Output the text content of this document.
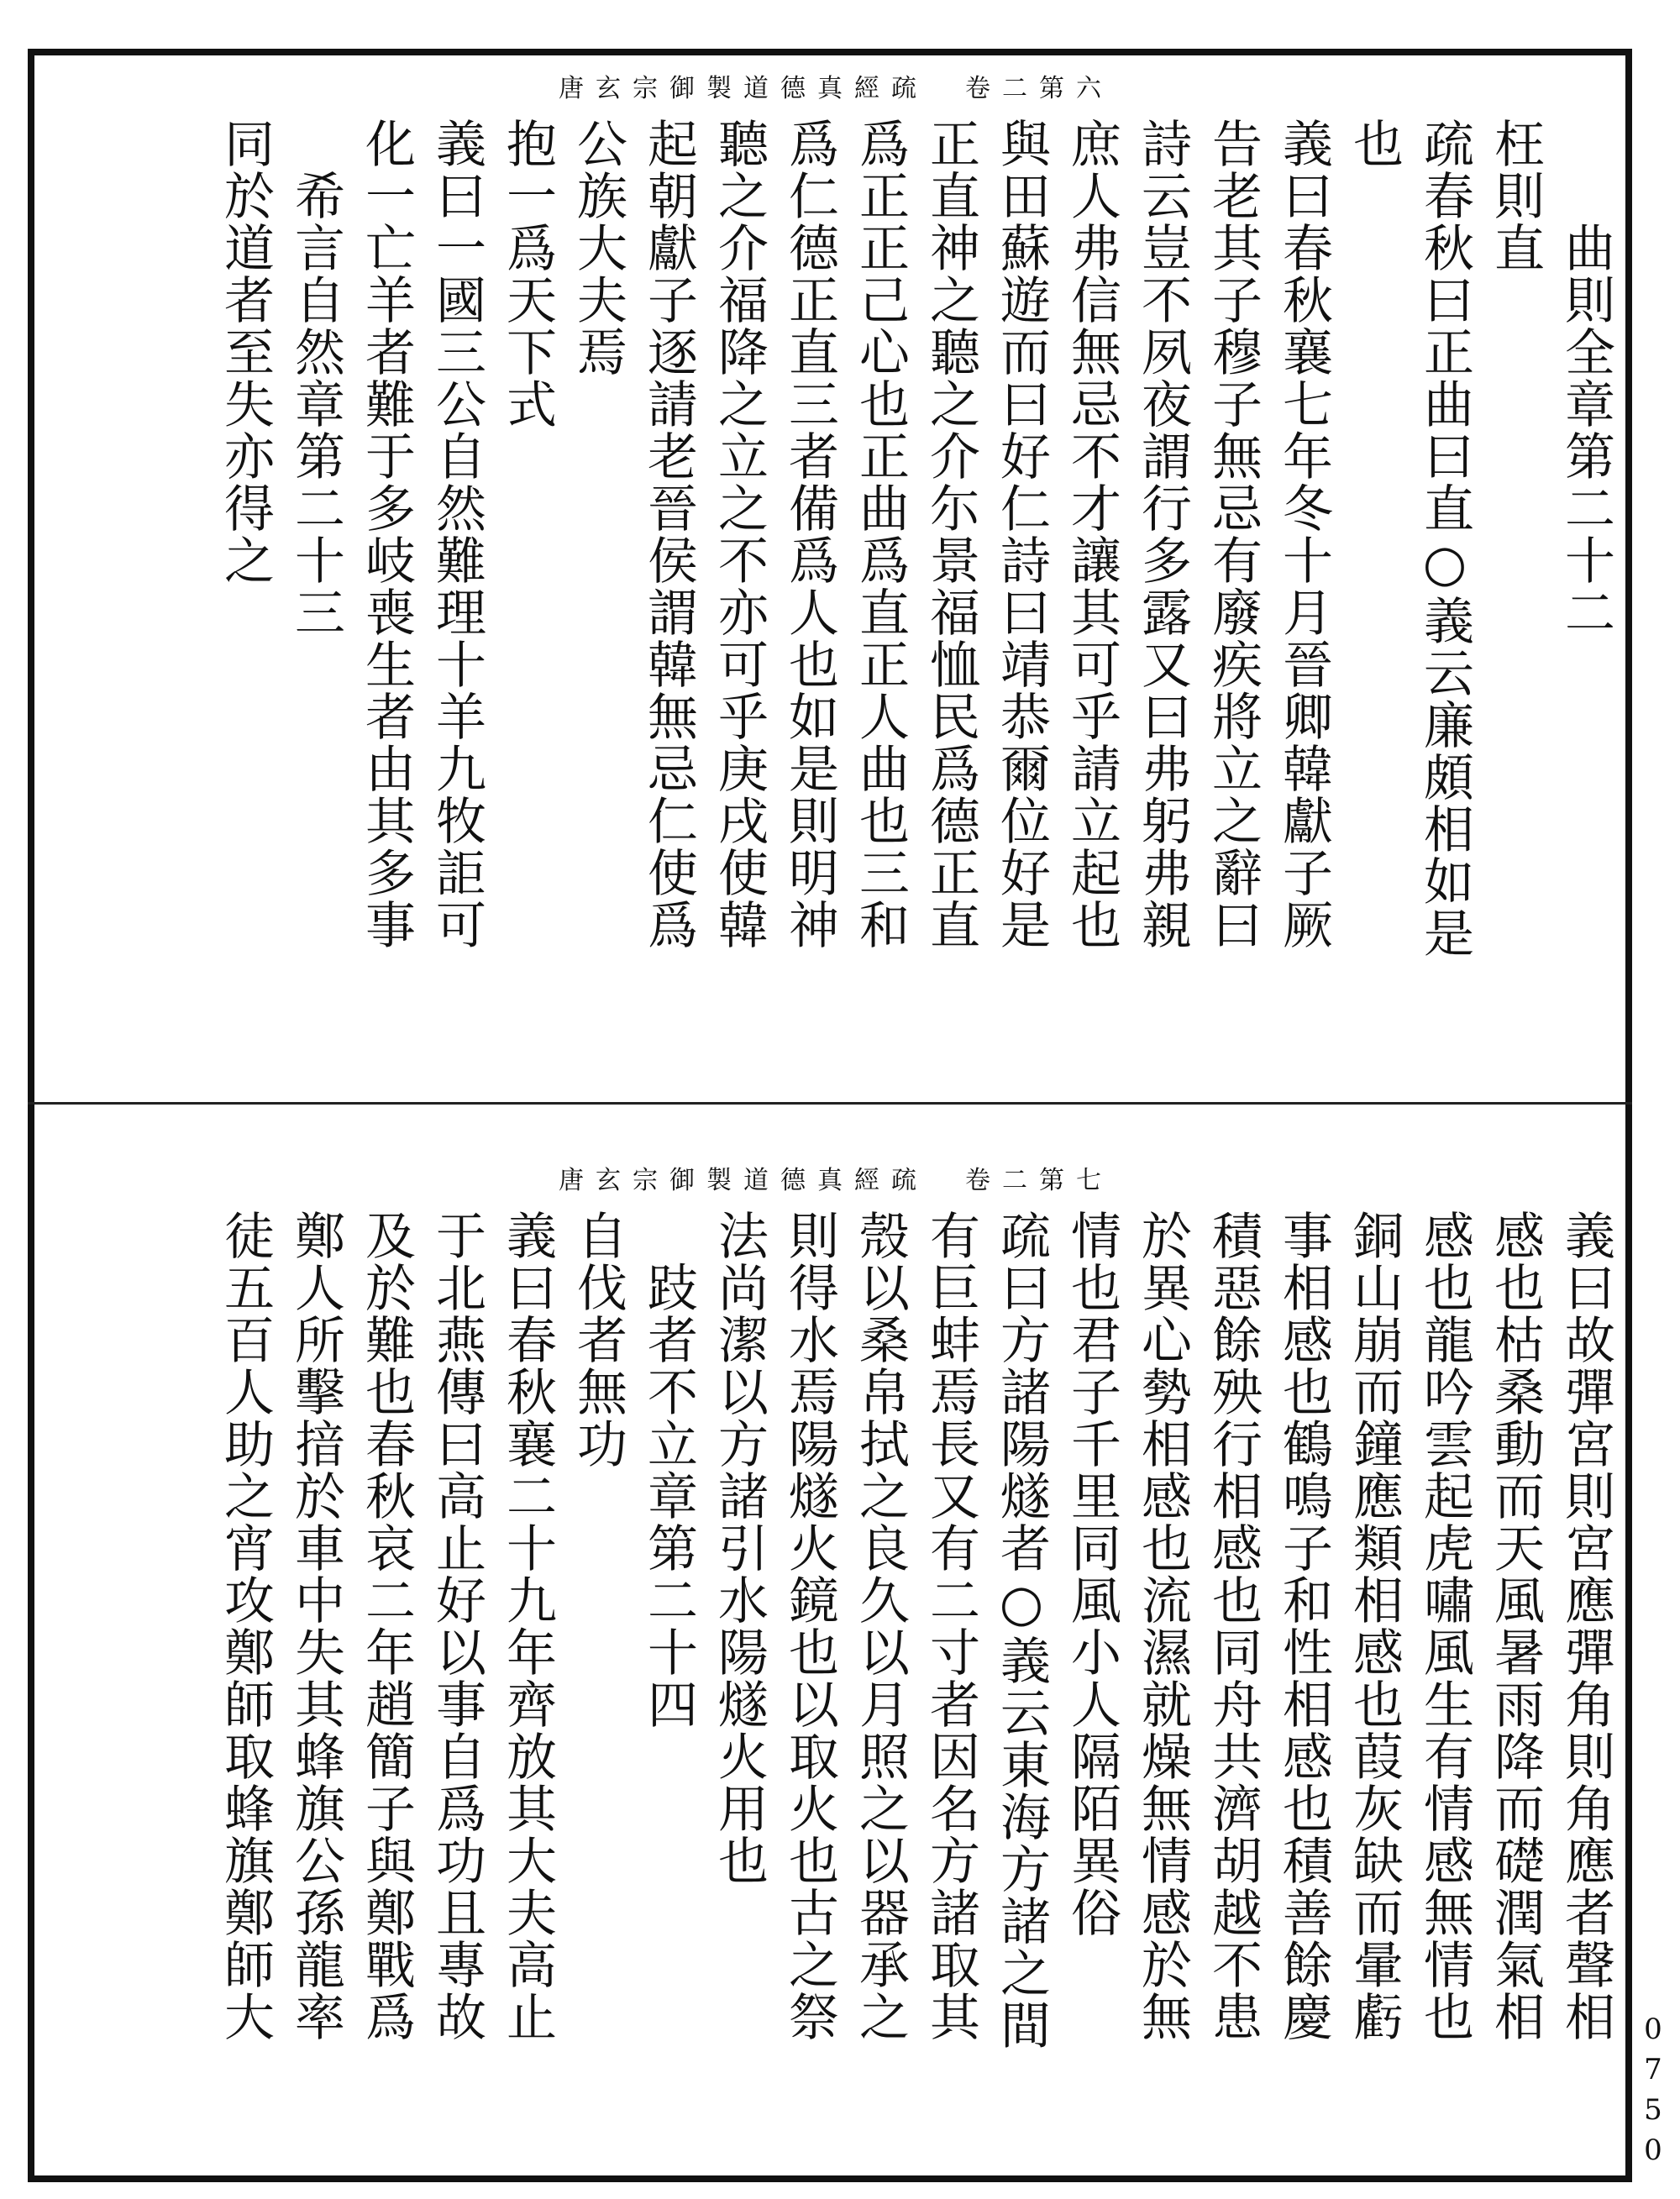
唐玄宗御製道德真經疏　卷二第六
曲則全章第二十二
枉則直
疏春秋曰正曲曰直○義云廉頗相如是
也
義曰春秋襄七年冬十月晉卿韓獻子厥
告老其子穆子無忌有廢疾將立之辭曰
詩云豈不夙夜謂行多露又曰弗躬弗親
庶人弗信無忌不才讓其可乎請立起也
與田蘇遊而曰好仁詩曰靖恭爾位好是
正直神之聽之介尓景福恤民爲德正直
爲正正己心也正曲爲直正人曲也三和
爲仁德正直三者備爲人也如是則明神
聽之介福降之立之不亦可乎庚戌使韓
起朝獻子逐請老晉侯謂韓無忌仁使爲
公族大夫焉
抱一爲天下式
義曰一國三公自然難理十羊九牧詎可
化一亡羊者難于多岐喪生者由其多事
希言自然章第二十三
同於道者至失亦得之
唐玄宗御製道德真經疏　卷二第七
義曰故彈宮則宮應彈角則角應者聲相
感也枯桑動而天風暑雨降而礎潤氣相
感也龍吟雲起虎嘯風生有情感無情也
銅山崩而鐘應類相感也葭灰缺而暈虧
事相感也鶴鳴子和性相感也積善餘慶
積惡餘殃行相感也同舟共濟胡越不患
於異心勢相感也流濕就燥無情感於無
情也君子千里同風小人隔陌異俗
疏曰方諸陽燧者○義云東海方諸之間
有巨蚌焉長又有二寸者因名方諸取其
殼以桑帛拭之良久以月照之以器承之
則得水焉陽燧火鏡也以取火也古之祭
法尚潔以方諸引水陽燧火用也
跂者不立章第二十四
自伐者無功
義曰春秋襄二十九年齊放其大夫高止
于北燕傳曰高止好以事自爲功且專故
及於難也春秋哀二年趙簡子與鄭戰爲
鄭人所擊揞於車中失其蜂旗公孫龍率
徒五百人助之宵攻鄭師取蜂旗鄭師大
0750
